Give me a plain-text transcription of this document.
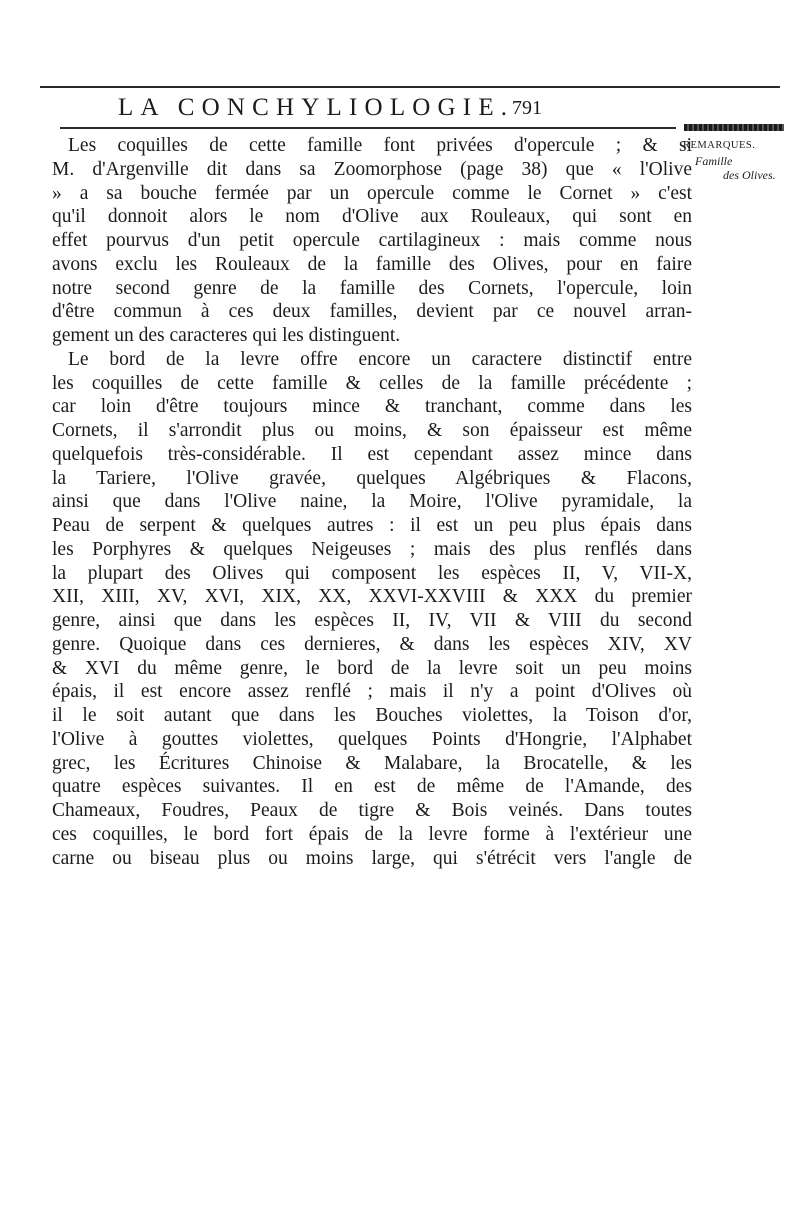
LA CONCHYLIOLOGIE.
791
REMARQUES.
Famille
des Olives.
Les coquilles de cette famille font privées d'opercule ; & si
M. d'Argenville dit dans sa Zoomorphose (page 38) que « l'Olive
» a sa bouche fermée par un opercule comme le Cornet » c'est
qu'il donnoit alors le nom d'Olive aux Rouleaux, qui sont en
effet pourvus d'un petit opercule cartilagineux : mais comme nous
avons exclu les Rouleaux de la famille des Olives, pour en faire
notre second genre de la famille des Cornets, l'opercule, loin
d'être commun à ces deux familles, devient par ce nouvel arran-
gement un des caracteres qui les distinguent.
Le bord de la levre offre encore un caractere distinctif entre
les coquilles de cette famille & celles de la famille précédente ;
car loin d'être toujours mince & tranchant, comme dans les
Cornets, il s'arrondit plus ou moins, & son épaisseur est même
quelquefois très-considérable. Il est cependant assez mince dans
la Tariere, l'Olive gravée, quelques Algébriques & Flacons,
ainsi que dans l'Olive naine, la Moire, l'Olive pyramidale, la
Peau de serpent & quelques autres : il est un peu plus épais dans
les Porphyres & quelques Neigeuses ; mais des plus renflés dans
la plupart des Olives qui composent les espèces II, V, VII-X,
XII, XIII, XV, XVI, XIX, XX, XXVI-XXVIII & XXX du premier
genre, ainsi que dans les espèces II, IV, VII & VIII du second
genre. Quoique dans ces dernieres, & dans les espèces XIV, XV
& XVI du même genre, le bord de la levre soit un peu moins
épais, il est encore assez renflé ; mais il n'y a point d'Olives où
il le soit autant que dans les Bouches violettes, la Toison d'or,
l'Olive à gouttes violettes, quelques Points d'Hongrie, l'Alphabet
grec, les Écritures Chinoise & Malabare, la Brocatelle, & les
quatre espèces suivantes. Il en est de même de l'Amande, des
Chameaux, Foudres, Peaux de tigre & Bois veinés. Dans toutes
ces coquilles, le bord fort épais de la levre forme à l'extérieur une
carne ou biseau plus ou moins large, qui s'étrécit vers l'angle de
